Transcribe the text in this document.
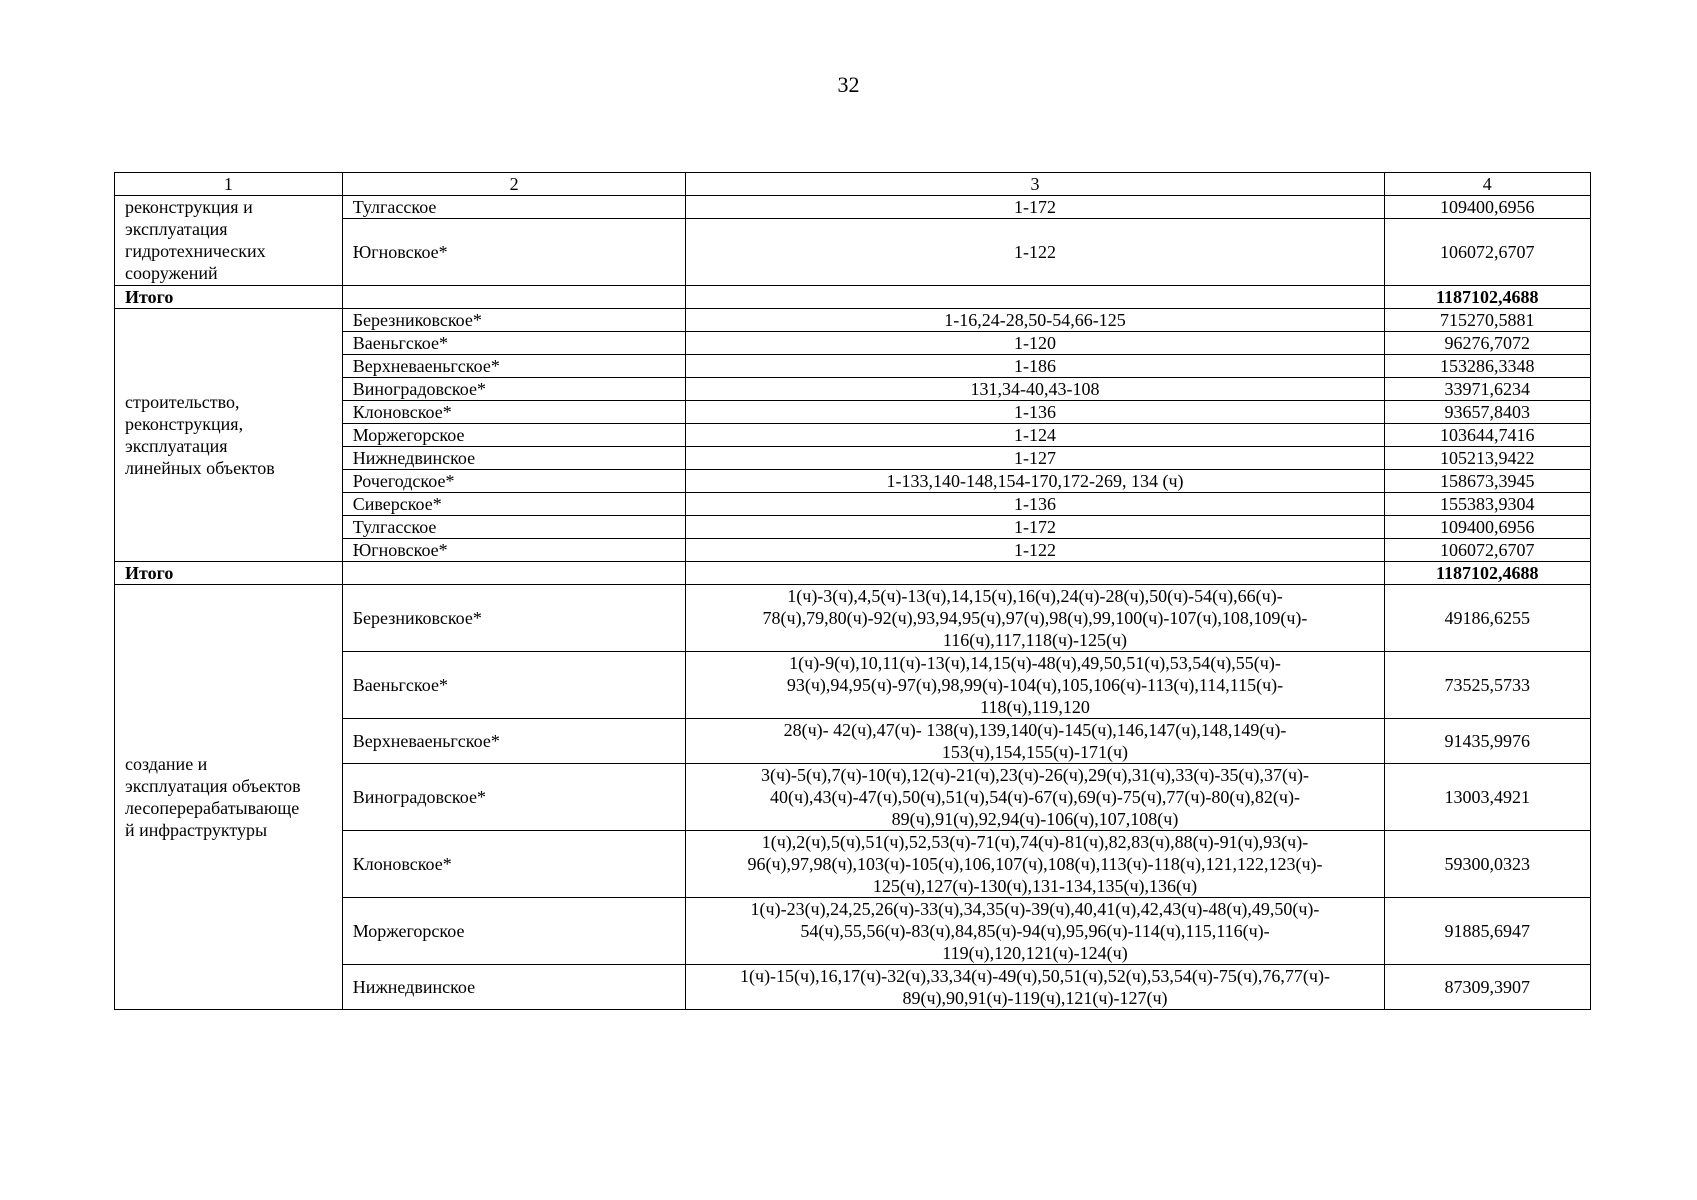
32
1	2	3	4
реконструкция и
эксплуатация
гидротехнических
сооружений	Тулгасское	1-172	109400,6956
	Югновское*	1-122	106072,6707
Итого			1187102,4688
строительство,
реконструкция,
эксплуатация
линейных объектов	Березниковское*	1-16,24-28,50-54,66-125	715270,5881
	Ваеньгское*	1-120	96276,7072
	Верхневаеньгское*	1-186	153286,3348
	Виноградовское*	131,34-40,43-108	33971,6234
	Клоновское*	1-136	93657,8403
	Моржегорское	1-124	103644,7416
	Нижнедвинское	1-127	105213,9422
	Рочегодское*	1-133,140-148,154-170,172-269, 134 (ч)	158673,3945
	Сиверское*	1-136	155383,9304
	Тулгасское	1-172	109400,6956
	Югновское*	1-122	106072,6707
Итого			1187102,4688
создание и
эксплуатация объектов
лесоперерабатывающе
й инфраструктуры	Березниковское*	1(ч)-3(ч),4,5(ч)-13(ч),14,15(ч),16(ч),24(ч)-28(ч),50(ч)-54(ч),66(ч)-
78(ч),79,80(ч)-92(ч),93,94,95(ч),97(ч),98(ч),99,100(ч)-107(ч),108,109(ч)-
116(ч),117,118(ч)-125(ч)	49186,6255
	Ваеньгское*	1(ч)-9(ч),10,11(ч)-13(ч),14,15(ч)-48(ч),49,50,51(ч),53,54(ч),55(ч)-
93(ч),94,95(ч)-97(ч),98,99(ч)-104(ч),105,106(ч)-113(ч),114,115(ч)-
118(ч),119,120	73525,5733
	Верхневаеньгское*	28(ч)- 42(ч),47(ч)- 138(ч),139,140(ч)-145(ч),146,147(ч),148,149(ч)-
153(ч),154,155(ч)-171(ч)	91435,9976
	Виноградовское*	3(ч)-5(ч),7(ч)-10(ч),12(ч)-21(ч),23(ч)-26(ч),29(ч),31(ч),33(ч)-35(ч),37(ч)-
40(ч),43(ч)-47(ч),50(ч),51(ч),54(ч)-67(ч),69(ч)-75(ч),77(ч)-80(ч),82(ч)-
89(ч),91(ч),92,94(ч)-106(ч),107,108(ч)	13003,4921
	Клоновское*	1(ч),2(ч),5(ч),51(ч),52,53(ч)-71(ч),74(ч)-81(ч),82,83(ч),88(ч)-91(ч),93(ч)-
96(ч),97,98(ч),103(ч)-105(ч),106,107(ч),108(ч),113(ч)-118(ч),121,122,123(ч)-
125(ч),127(ч)-130(ч),131-134,135(ч),136(ч)	59300,0323
	Моржегорское	1(ч)-23(ч),24,25,26(ч)-33(ч),34,35(ч)-39(ч),40,41(ч),42,43(ч)-48(ч),49,50(ч)-
54(ч),55,56(ч)-83(ч),84,85(ч)-94(ч),95,96(ч)-114(ч),115,116(ч)-
119(ч),120,121(ч)-124(ч)	91885,6947
	Нижнедвинское	1(ч)-15(ч),16,17(ч)-32(ч),33,34(ч)-49(ч),50,51(ч),52(ч),53,54(ч)-75(ч),76,77(ч)-
89(ч),90,91(ч)-119(ч),121(ч)-127(ч)	87309,3907
